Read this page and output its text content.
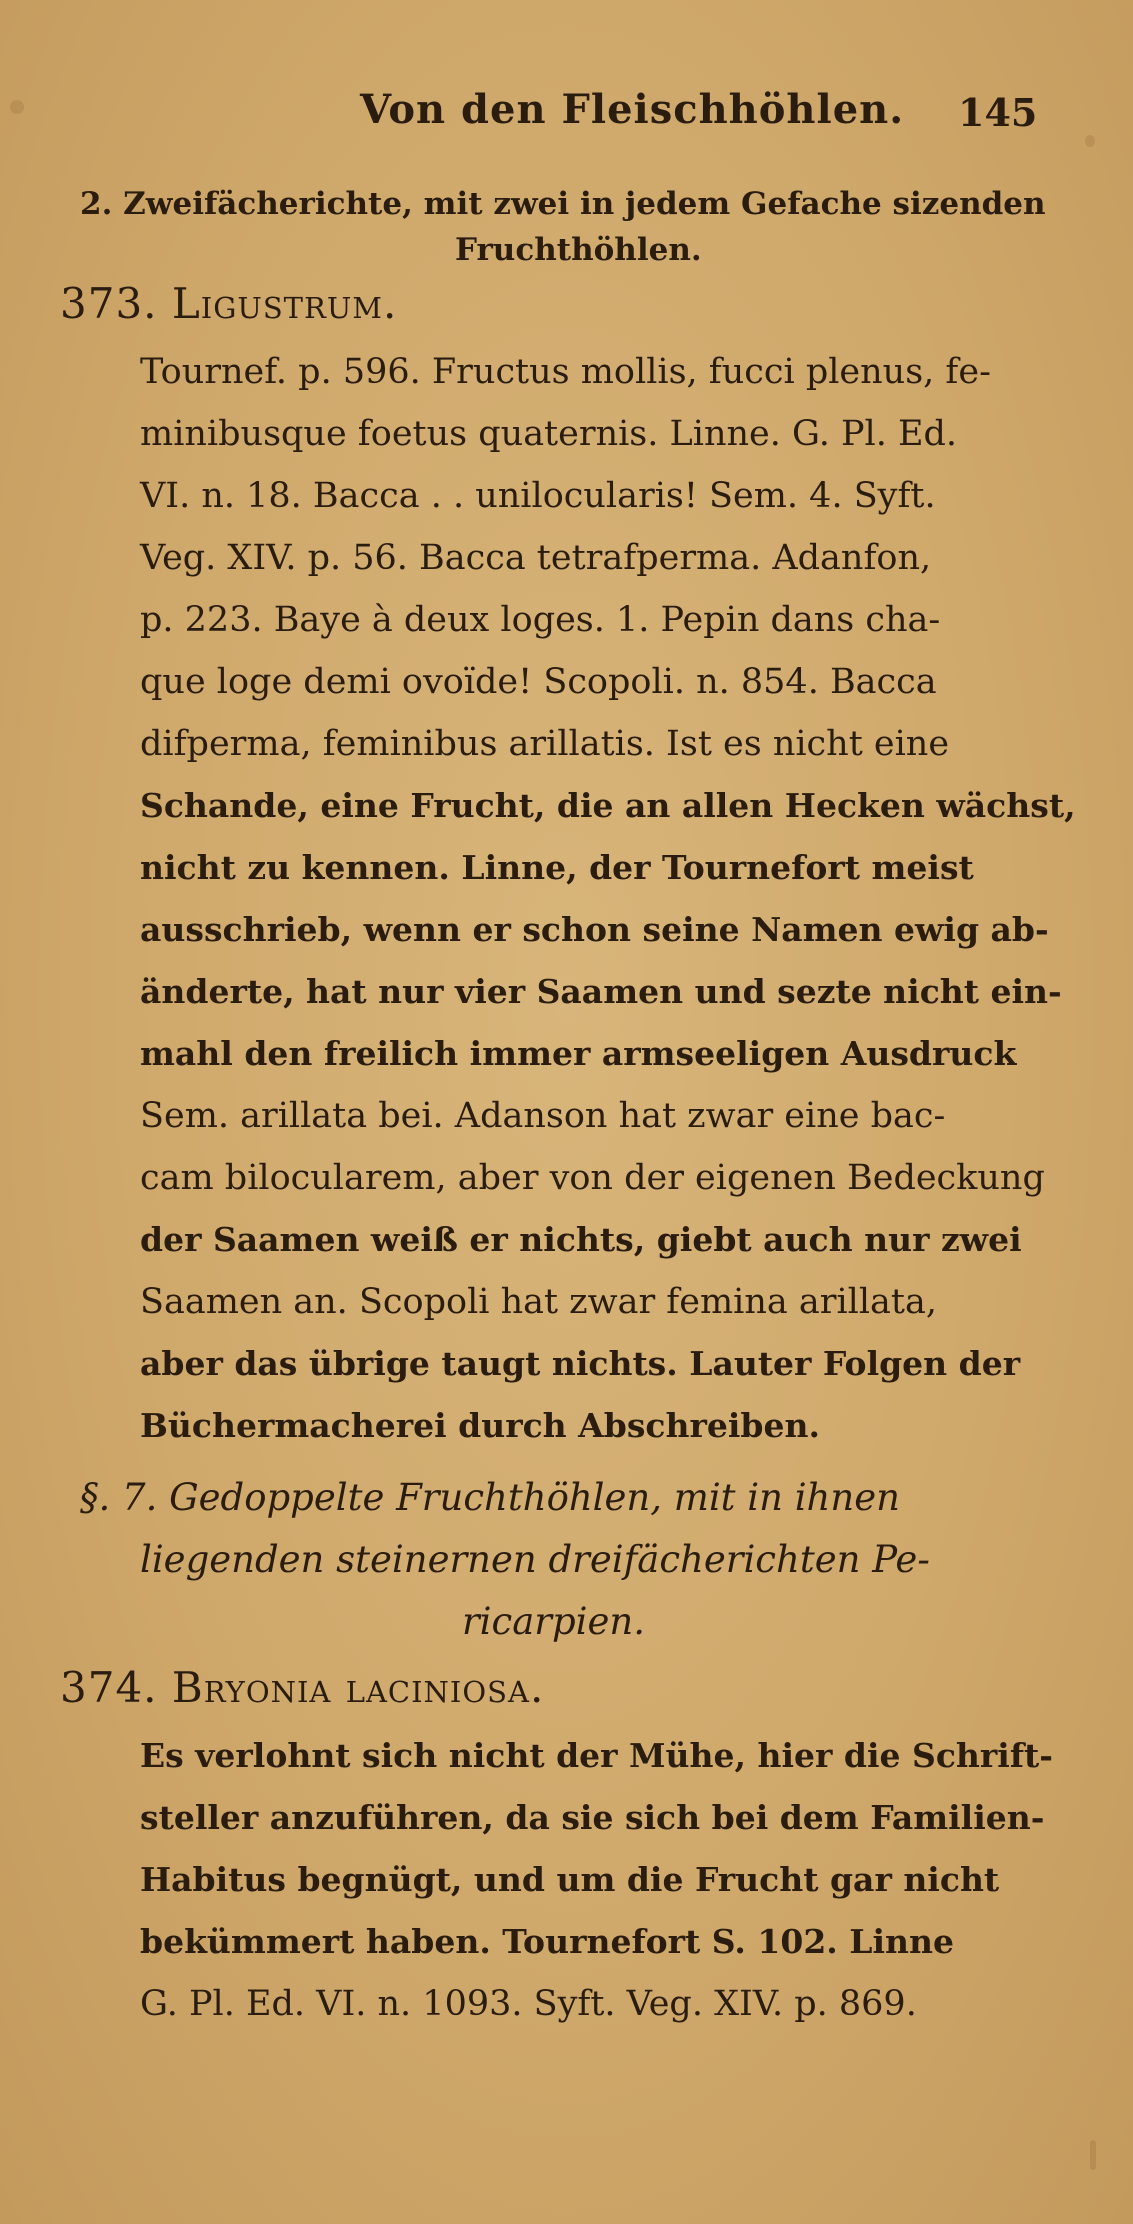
Von den Fleischhöhlen. 145
2. Zweifächerichte, mit zwei in jedem Gefache sizenden
Fruchthöhlen.
373. Ligustrum.
Tournef. p. 596. Fructus mollis, fucci plenus, fe-
minibusque foetus quaternis. Linne. G. Pl. Ed.
VI. n. 18. Bacca . . unilocularis! Sem. 4. Syft.
Veg. XIV. p. 56. Bacca tetrafperma. Adanfon,
p. 223. Baye à deux loges. 1. Pepin dans cha-
que loge demi ovoïde! Scopoli. n. 854. Bacca
difperma, feminibus arillatis. Ist es nicht eine
Schande, eine Frucht, die an allen Hecken wächst,
nicht zu kennen. Linne, der Tournefort meist
ausschrieb, wenn er schon seine Namen ewig ab-
änderte, hat nur vier Saamen und sezte nicht ein-
mahl den freilich immer armseeligen Ausdruck
Sem. arillata bei. Adanson hat zwar eine bac-
cam bilocularem, aber von der eigenen Bedeckung
der Saamen weiß er nichts, giebt auch nur zwei
Saamen an. Scopoli hat zwar femina arillata,
aber das übrige taugt nichts. Lauter Folgen der
Büchermacherei durch Abschreiben.
§. 7. Gedoppelte Fruchthöhlen, mit in ihnen
liegenden steinernen dreifächerichten Pe-
ricarpien.
374. Bryonia laciniosa.
Es verlohnt sich nicht der Mühe, hier die Schrift-
steller anzuführen, da sie sich bei dem Familien-
Habitus begnügt, und um die Frucht gar nicht
bekümmert haben. Tournefort S. 102. Linne
G. Pl. Ed. VI. n. 1093. Syft. Veg. XIV. p. 869.
